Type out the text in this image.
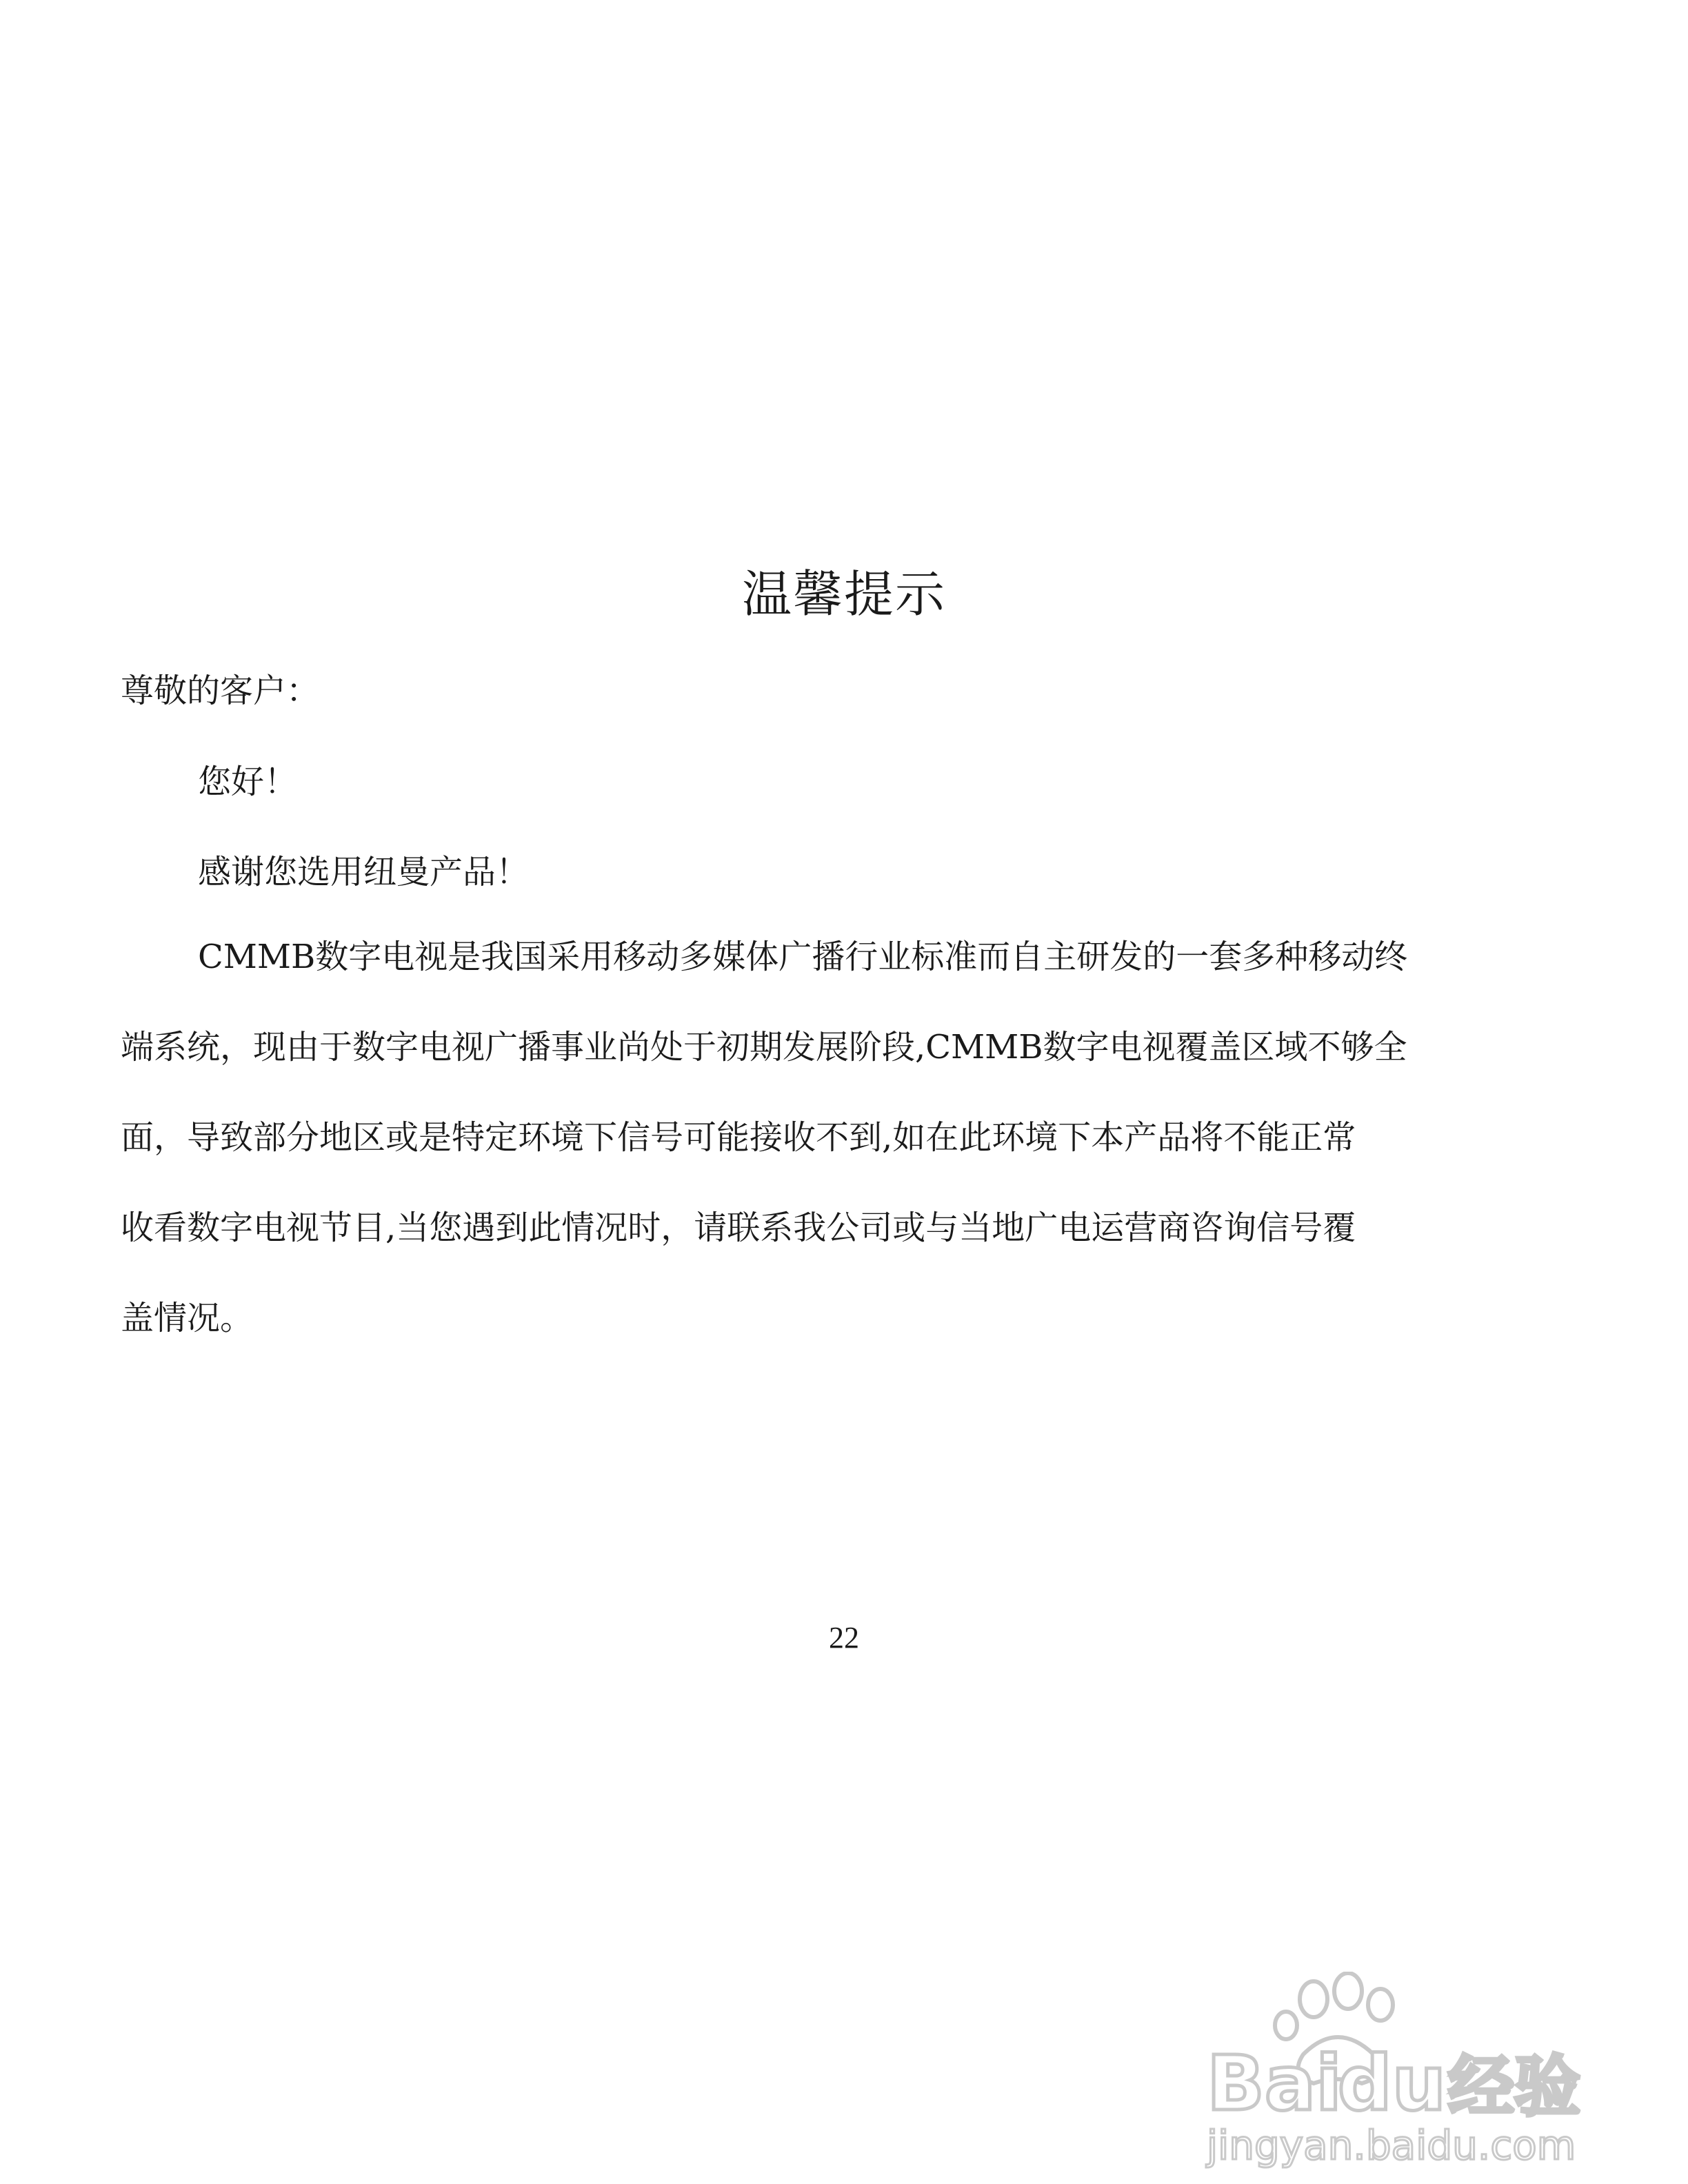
温馨提示
尊敬的客户：
您好！
感谢您选用纽曼产品！
CMMB数字电视是我国采用移动多媒体广播行业标准而自主研发的一套多种移动终
端系统，现由于数字电视广播事业尚处于初期发展阶段,CMMB数字电视覆盖区域不够全
面，导致部分地区或是特定环境下信号可能接收不到,如在此环境下本产品将不能正常
收看数字电视节目,当您遇到此情况时，请联系我公司或与当地广电运营商咨询信号覆
盖情况。
22
Bai
du 经验
jingyan.baidu.com
